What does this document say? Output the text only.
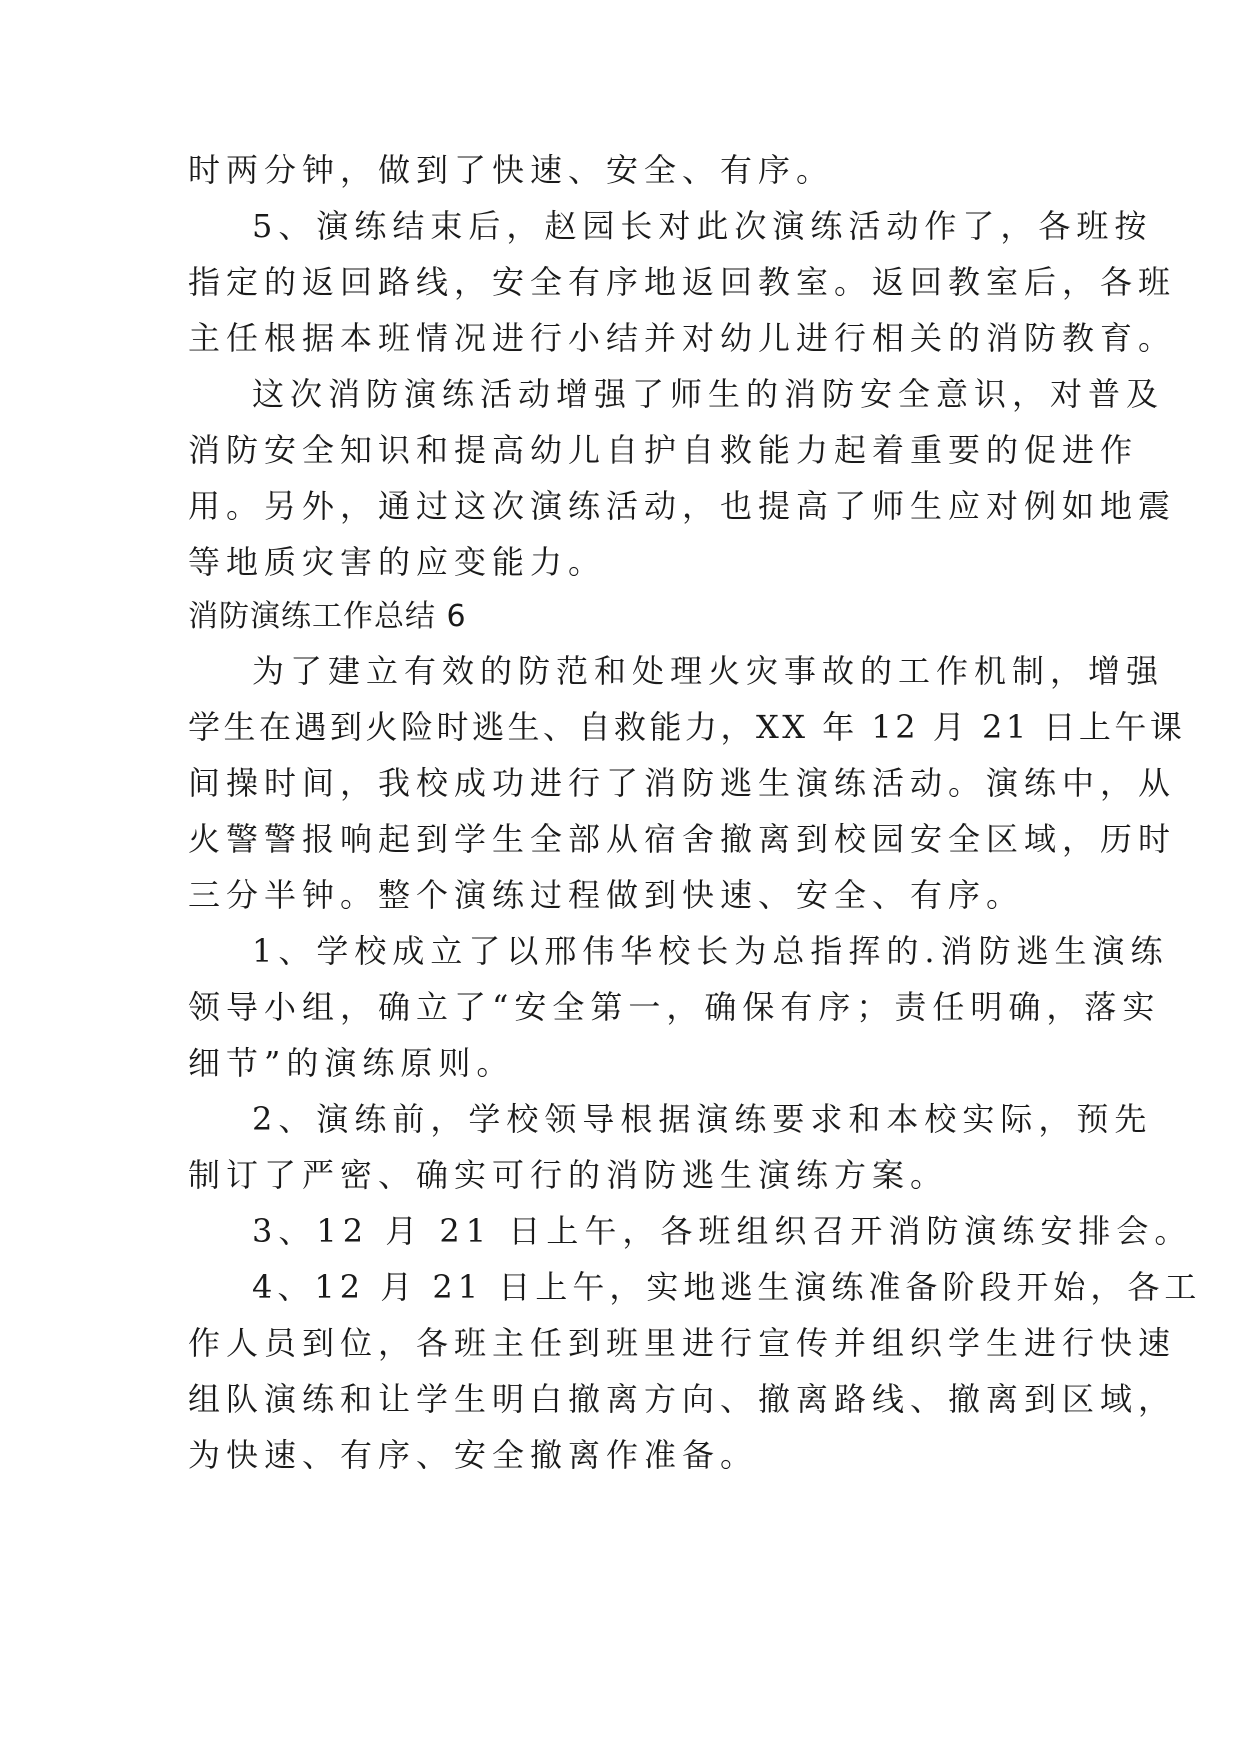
时两分钟，做到了快速、安全、有序。
5、演练结束后，赵园长对此次演练活动作了，各班按
指定的返回路线，安全有序地返回教室。返回教室后，各班
主任根据本班情况进行小结并对幼儿进行相关的消防教育。
这次消防演练活动增强了师生的消防安全意识，对普及
消防安全知识和提高幼儿自护自救能力起着重要的促进作
用。另外，通过这次演练活动，也提高了师生应对例如地震
等地质灾害的应变能力。
消防演练工作总结 6
为了建立有效的防范和处理火灾事故的工作机制，增强
学生在遇到火险时逃生、自救能力，XX 年 12 月 21 日上午课
间操时间，我校成功进行了消防逃生演练活动。演练中，从
火警警报响起到学生全部从宿舍撤离到校园安全区域，历时
三分半钟。整个演练过程做到快速、安全、有序。
1、学校成立了以邢伟华校长为总指挥的.消防逃生演练
领导小组，确立了“安全第一，确保有序；责任明确，落实
细节”的演练原则。
2、演练前，学校领导根据演练要求和本校实际，预先
制订了严密、确实可行的消防逃生演练方案。
3、12 月 21 日上午，各班组织召开消防演练安排会。
4、12 月 21 日上午，实地逃生演练准备阶段开始，各工
作人员到位，各班主任到班里进行宣传并组织学生进行快速
组队演练和让学生明白撤离方向、撤离路线、撤离到区域，
为快速、有序、安全撤离作准备。
